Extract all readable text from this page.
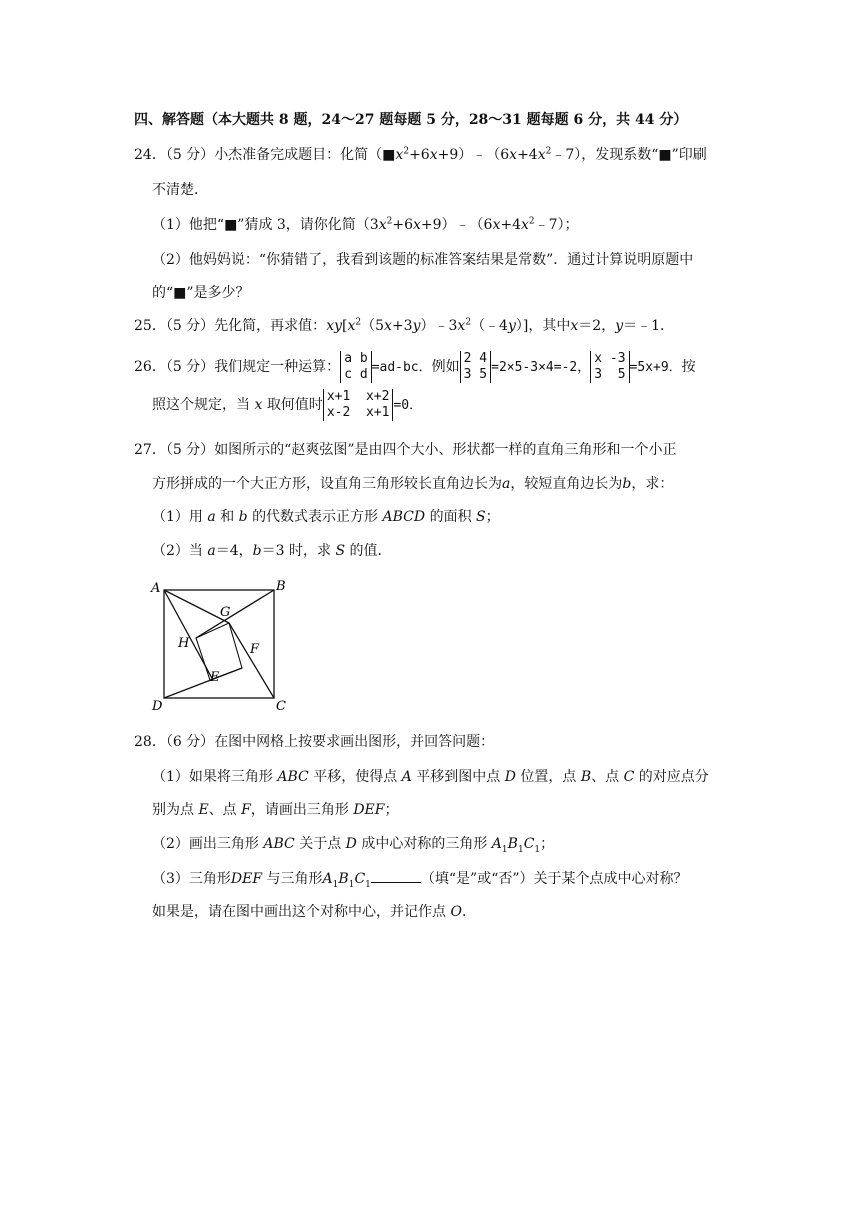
四、解答题（本大题共 8 题，24～27 题每题 5 分，28～31 题每题 6 分，共 44 分）
24．（5 分）小杰准备完成题目：化简$(■x^2+6x+9)﹣(6x+4x^2﹣7)$，发现系数“■”印刷
不清楚．
（1）他把“■”猜成 3，请你化简$(3x^2+6x+9)﹣(6x+4x^2﹣7)$；
（2）他妈妈说：“你猜错了，我看到该题的标准答案结果是常数”．通过计算说明原题中
的“■”是多少？
25．（5 分）先化简，再求值：$xy[x^2(5x+3y)﹣3x^2(﹣4y)]$，其中x＝2，y＝﹣1．
26．（5 分）我们规定一种运算：
a b
c d =ad-bc．例如
2 4
3 5 =2×5-3×4=-2，
x -3
3  5 =5x+9．按
照这个规定，当 x 取何值时
x+1  x+2
x-2  x+1 =0．
27．（5 分）如图所示的“赵爽弦图”是由四个大小、形状都一样的直角三角形和一个小正
方形拼成的一个大正方形，设直角三角形较长直角边长为a，较短直角边长为b，求：
（1）用 a 和 b 的代数式表示正方形 ABCD 的面积 S；
（2）当 a＝4，b＝3 时，求 S 的值．
A	B
C
D
E
F
G
H
28．（6 分）在图中网格上按要求画出图形，并回答问题：
（1）如果将三角形 ABC 平移，使得点 A 平移到图中点 D 位置，点 B、点 C 的对应点分
别为点 E、点 F，请画出三角形 DEF；
（2）画出三角形 ABC 关于点 D 成中心对称的三角形 $A_1B_1C_1$；
（3）三角形DEF 与三角形$A_1B_1C_1$	（填“是”或“否”）关于某个点成中心对称？
如果是，请在图中画出这个对称中心，并记作点 O．
